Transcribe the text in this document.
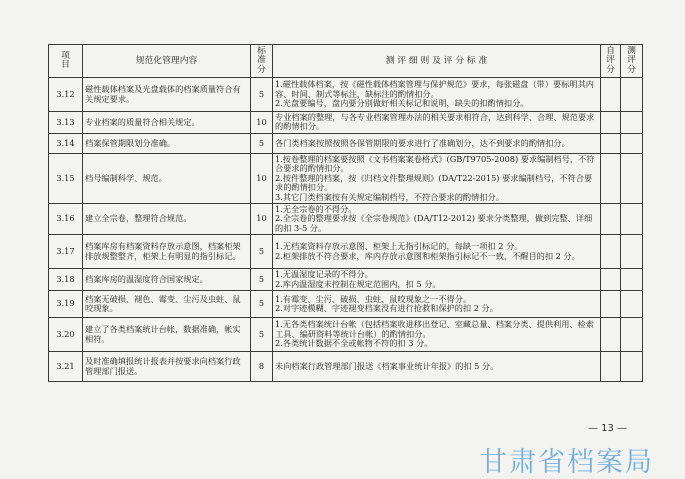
项目	规范化管理内容	标准分	测 评 细 则 及 评 分 标 准	自评分	测评分
3.12	磁性载体档案及光盘载体的档案质量符合有关规定要求。	5	1.磁性载体档案，按《磁性载体档案管理与保护规范》要求，每张磁盘（带）要标明其内容、时间、制式等标注，缺标注的酌情扣分。
2.光盘要编号，盘内要分别做好相关标记和说明，缺失的扣酌情扣分。		

3.13	专业档案的质量符合相关规定。	10	专业档案的整理，与各专业档案管理办法的相关要求相符合，达到科学、合理、规范要求的酌情扣分。		

3.14	档案保管期限划分准确。	5	各门类档案按照按照各保管期限的要求进行了准确划分，达不到要求的酌情扣分。		

3.15	档号编制科学、规范。	10	1.按卷整理的档案要按照《文书档案案卷格式》(GB/T9705-2008) 要求编制档号，不符合要求的酌情扣分。
2.按件整理的档案，按《归档文件整理规则》(DA/T22-2015) 要求编制档号，不符合要求的酌情扣分。
3.其它门类档案按有关规定编制档号，不符合要求的酌情扣分。		

3.16	建立全宗卷，整理符合规范。	10	1.无全宗卷的不得分。
2.全宗卷的整理要求按《全宗卷规范》(DA/T12-2012) 要求分类整理，做到完整、详细的扣 3-5 分。		

3.17	档案库房有档案资料存放示意图，档案柜架排放规整整齐，柜架上有明显的指引标记。	5	1.无档案资料存放示意图、柜架上无指引标记的，每缺一项扣 2 分。
2.柜架排放不符合要求，库内存放示意图和柜架指引标记不一致、不醒目的扣 2 分。		

3.18	档案库房的温湿度符合国家规定。	5	1.无温湿度记录的不得分。
2.库内温湿度未控制在规定范围内，扣 5 分。		

3.19	档案无破损、褪色、霉变、尘污及虫蛀、鼠咬现象。	5	1.有霉变、尘污、破损、虫蛀、鼠咬现象之一不得分。
2.对字迹模糊、字迹褪变档案没有进行抢救和保护的扣 2 分。		

3.20	建立了各类档案统计台帐，数据准确，帐实相符。	5	1.无各类档案统计台帐（包括档案收进移出登记、室藏总量、档案分类、提供利用、检索工具、编研资料等统计台帐）的酌情扣分。
2.各类统计数据不全或帐物不符的扣 3 分。		

3.21	及时准确填报统计报表并按要求向档案行政管理部门报送。	8	未向档案行政管理部门报送《档案事业统计年报》的扣 5 分。		

— 13 —
甘肃省档案局
